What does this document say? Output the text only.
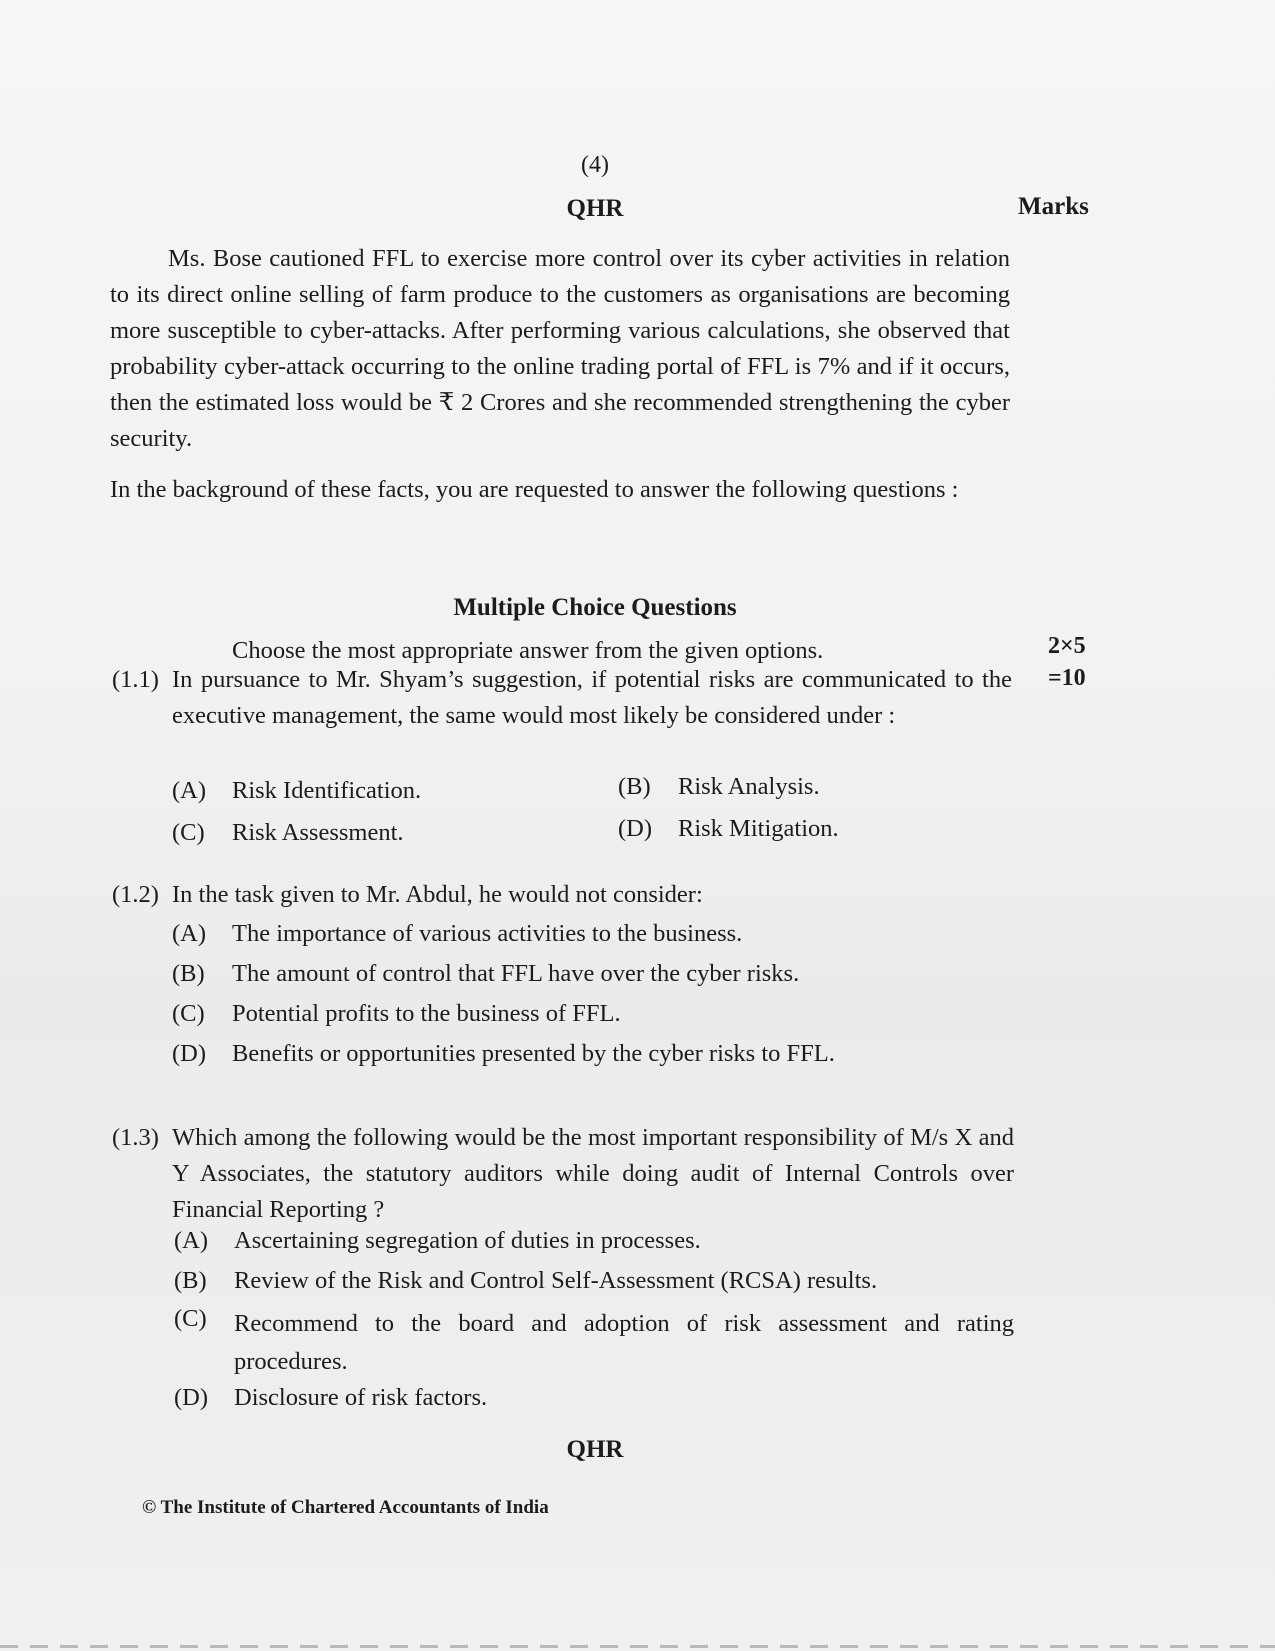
(4)
QHR	Marks
Ms. Bose cautioned FFL to exercise more control over its cyber activities in relation to its direct online selling of farm produce to the customers as organisations are becoming more susceptible to cyber-attacks. After performing various calculations, she observed that probability cyber-attack occurring to the online trading portal of FFL is 7% and if it occurs, then the estimated loss would be ₹ 2 Crores and she recommended strengthening the cyber security.
In the background of these facts, you are requested to answer the following questions :
Multiple Choice Questions
Choose the most appropriate answer from the given options.	2×5
=10
(1.1) In pursuance to Mr. Shyam’s suggestion, if potential risks are communicated to the executive management, the same would most likely be considered under :
(A) Risk Identification.	(B) Risk Analysis.
(C) Risk Assessment.	(D) Risk Mitigation.
(1.2) In the task given to Mr. Abdul, he would not consider:
(A) The importance of various activities to the business.
(B) The amount of control that FFL have over the cyber risks.
(C) Potential profits to the business of FFL.
(D) Benefits or opportunities presented by the cyber risks to FFL.
(1.3) Which among the following would be the most important responsibility of M/s X and Y Associates, the statutory auditors while doing audit of Internal Controls over Financial Reporting ?
(A) Ascertaining segregation of duties in processes.
(B) Review of the Risk and Control Self-Assessment (RCSA) results.
(C)	Recommend to the board and adoption of risk assessment and rating procedures.
(D) Disclosure of risk factors.
QHR
© The Institute of Chartered Accountants of India
